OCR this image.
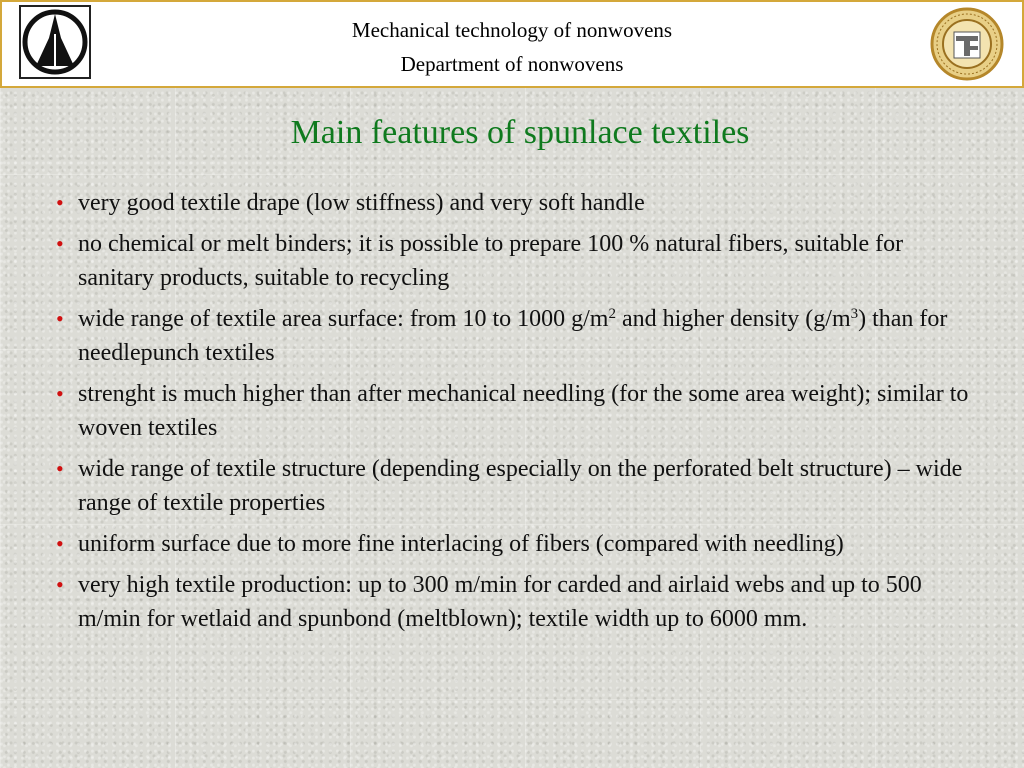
Mechanical technology of nonwovens
Department of nonwovens
Main features of spunlace textiles
• very good textile drape (low stiffness) and very soft handle
• no chemical or melt binders; it is possible to prepare 100 % natural fibers, suitable for sanitary products, suitable to recycling
• wide range of textile area surface: from 10 to 1000 $g/m^2$ and higher density $(g/m^3)$ than for needlepunch textiles
• strenght is much higher than after mechanical needling (for the some area weight); similar to woven textiles
• wide range of textile structure (depending especially on the perforated belt structure) – wide range of textile properties
• uniform surface due to more fine interlacing of fibers (compared with needling)
• very high textile production: up to 300 m/min for carded and airlaid webs and up to 500 m/min for wetlaid and spunbond (meltblown); textile width up to 6000 mm.
